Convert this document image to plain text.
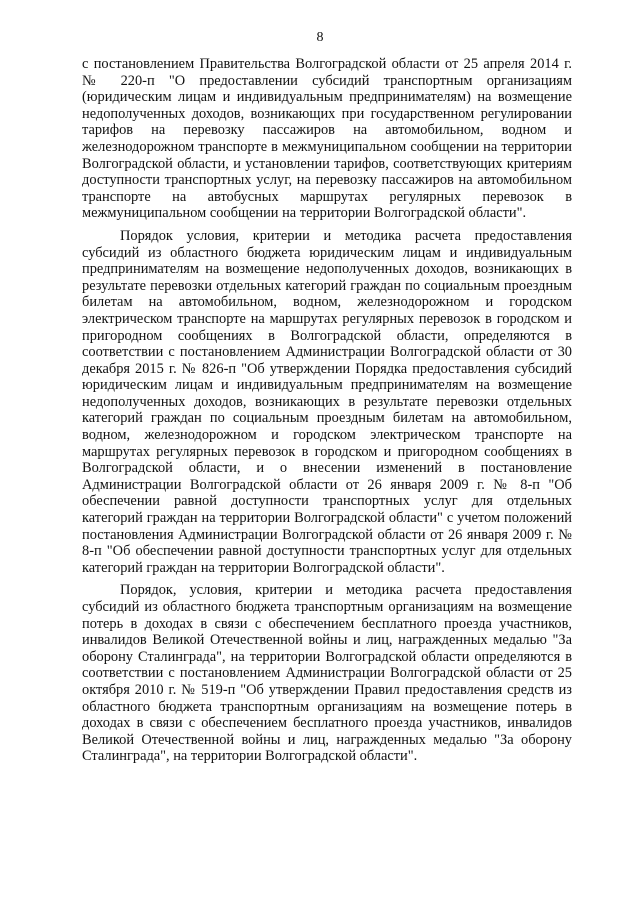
8

с постановлением Правительства Волгоградской области от 25 апреля 2014 г. № 220-п "О предоставлении субсидий транспортным организациям (юридическим лицам и индивидуальным предпринимателям) на возмещение недополученных доходов, возникающих при государственном регулировании тарифов на перевозку пассажиров на автомобильном, водном и железнодорожном транспорте в межмуниципальном сообщении на территории Волгоградской области, и установлении тарифов, соответствующих критериям доступности транспортных услуг, на перевозку пассажиров на автомобильном транспорте на автобусных маршрутах регулярных перевозок в межмуниципальном сообщении на территории Волгоградской области".

Порядок условия, критерии и методика расчета предоставления субсидий из областного бюджета юридическим лицам и индивидуальным предпринимателям на возмещение недополученных доходов, возникающих в результате перевозки отдельных категорий граждан по социальным проездным билетам на автомобильном, водном, железнодорожном и городском электрическом транспорте на маршрутах регулярных перевозок в городском и пригородном сообщениях в Волгоградской области, определяются в соответствии с постановлением Администрации Волгоградской области от 30 декабря 2015 г. № 826-п "Об утверждении Порядка предоставления субсидий юридическим лицам и индивидуальным предпринимателям на возмещение недополученных доходов, возникающих в результате перевозки отдельных категорий граждан по социальным проездным билетам на автомобильном, водном, железнодорожном и городском электрическом транспорте на маршрутах регулярных перевозок в городском и пригородном сообщениях в Волгоградской области, и о внесении изменений в постановление Администрации Волгоградской области от 26 января 2009 г. № 8-п "Об обеспечении равной доступности транспортных услуг для отдельных категорий граждан на территории Волгоградской области" с учетом положений постановления Администрации Волгоградской области от 26 января 2009 г. № 8-п "Об обеспечении равной доступности транспортных услуг для отдельных категорий граждан на территории Волгоградской области".

Порядок, условия, критерии и методика расчета предоставления субсидий из областного бюджета транспортным организациям на возмещение потерь в доходах в связи с обеспечением бесплатного проезда участников, инвалидов Великой Отечественной войны и лиц, награжденных медалью "За оборону Сталинграда", на территории Волгоградской области определяются в соответствии с постановлением Администрации Волгоградской области от 25 октября 2010 г. № 519-п "Об утверждении Правил предоставления средств из областного бюджета транспортным организациям на возмещение потерь в доходах в связи с обеспечением бесплатного проезда участников, инвалидов Великой Отечественной войны и лиц, награжденных медалью "За оборону Сталинграда", на территории Волгоградской области".
